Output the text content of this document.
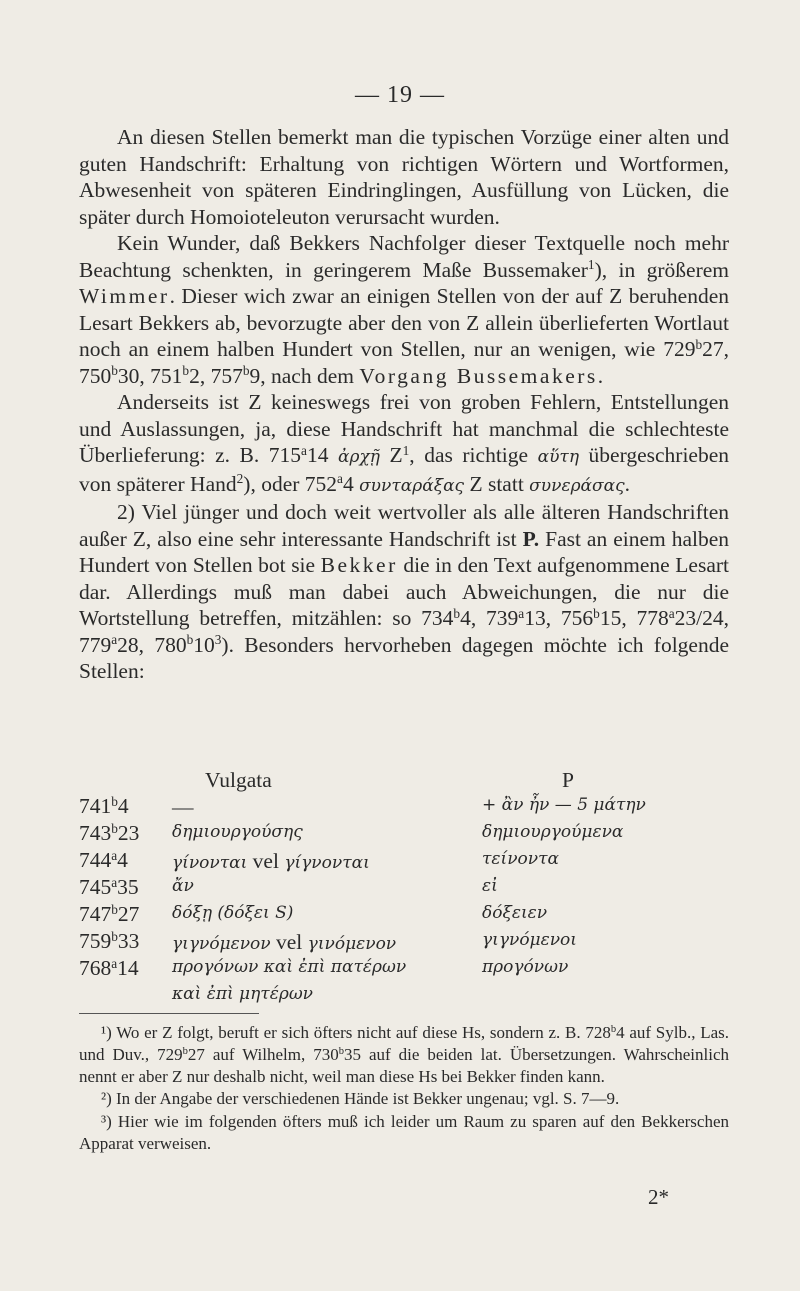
— 19 —

An diesen Stellen bemerkt man die typischen Vorzüge einer alten und guten Handschrift: Erhaltung von richtigen Wörtern und Wortformen, Abwesenheit von späteren Eindringlingen, Ausfüllung von Lücken, die später durch Homoioteleuton verursacht wurden.

Kein Wunder, daß Bekkers Nachfolger dieser Textquelle noch mehr Beachtung schenkten, in geringerem Maße Bussemaker$^1$), in größerem Wimmer. Dieser wich zwar an einigen Stellen von der auf Z beruhenden Lesart Bekkers ab, bevorzugte aber den von Z allein überlieferten Wortlaut noch an einem halben Hundert von Stellen, nur an wenigen, wie 729$^b$27, 750$^b$30, 751$^b$2, 757$^b$9, nach dem Vorgang Bussemakers.

Anderseits ist Z keineswegs frei von groben Fehlern, Entstellungen und Auslassungen, ja, diese Handschrift hat manchmal die schlechteste Überlieferung: z. B. 715$^a$14 ἀρχῇ $Z^1$, das richtige αὕτη übergeschrieben von späterer Hand$^2$), oder 752$^a$4 συνταράξας Z statt συνεράσας.

2) Viel jünger und doch weit wertvoller als alle älteren Handschriften außer Z, also eine sehr interessante Handschrift ist P. Fast an einem halben Hundert von Stellen bot sie Bekker die in den Text aufgenommene Lesart dar. Allerdings muß man dabei auch Abweichungen, die nur die Wortstellung betreffen, mitzählen: so 734$^b$4, 739$^a$13, 756$^b$15, 778$^a$23/24, 779$^a$28, $780^b10^3$). Besonders hervorheben dagegen möchte ich folgende Stellen:

Vulgata	P
741$^b$4 —	+ ἂν ἦν — 5 μάτην
743$^b$23 δημιουργούσης	δημιουργούμενα
744$^a$4	γίνονται vel γίγνονται	τείνοντα
745$^a$35 ἄν	εἰ
747$^b$27 δόξῃ (δόξει S)	δόξειεν
759$^b$33 γιγνόμενον vel γινόμενον	γιγνόμενοι
768$^a$14 προγόνων καὶ ἐπὶ πατέρων	προγόνων
καὶ ἐπὶ μητέρων

¹) Wo er Z folgt, beruft er sich öfters nicht auf diese Hs, sondern z. B. 728$^b$4 auf Sylb., Las. und Duv., 729$^b$27 auf Wilhelm, 730$^b$35 auf die beiden lat. Übersetzungen. Wahrscheinlich nennt er aber Z nur deshalb nicht, weil man diese Hs bei Bekker finden kann.

²) In der Angabe der verschiedenen Hände ist Bekker ungenau; vgl. S. 7—9.

³) Hier wie im folgenden öfters muß ich leider um Raum zu sparen auf den Bekkerschen Apparat verweisen.

2*
